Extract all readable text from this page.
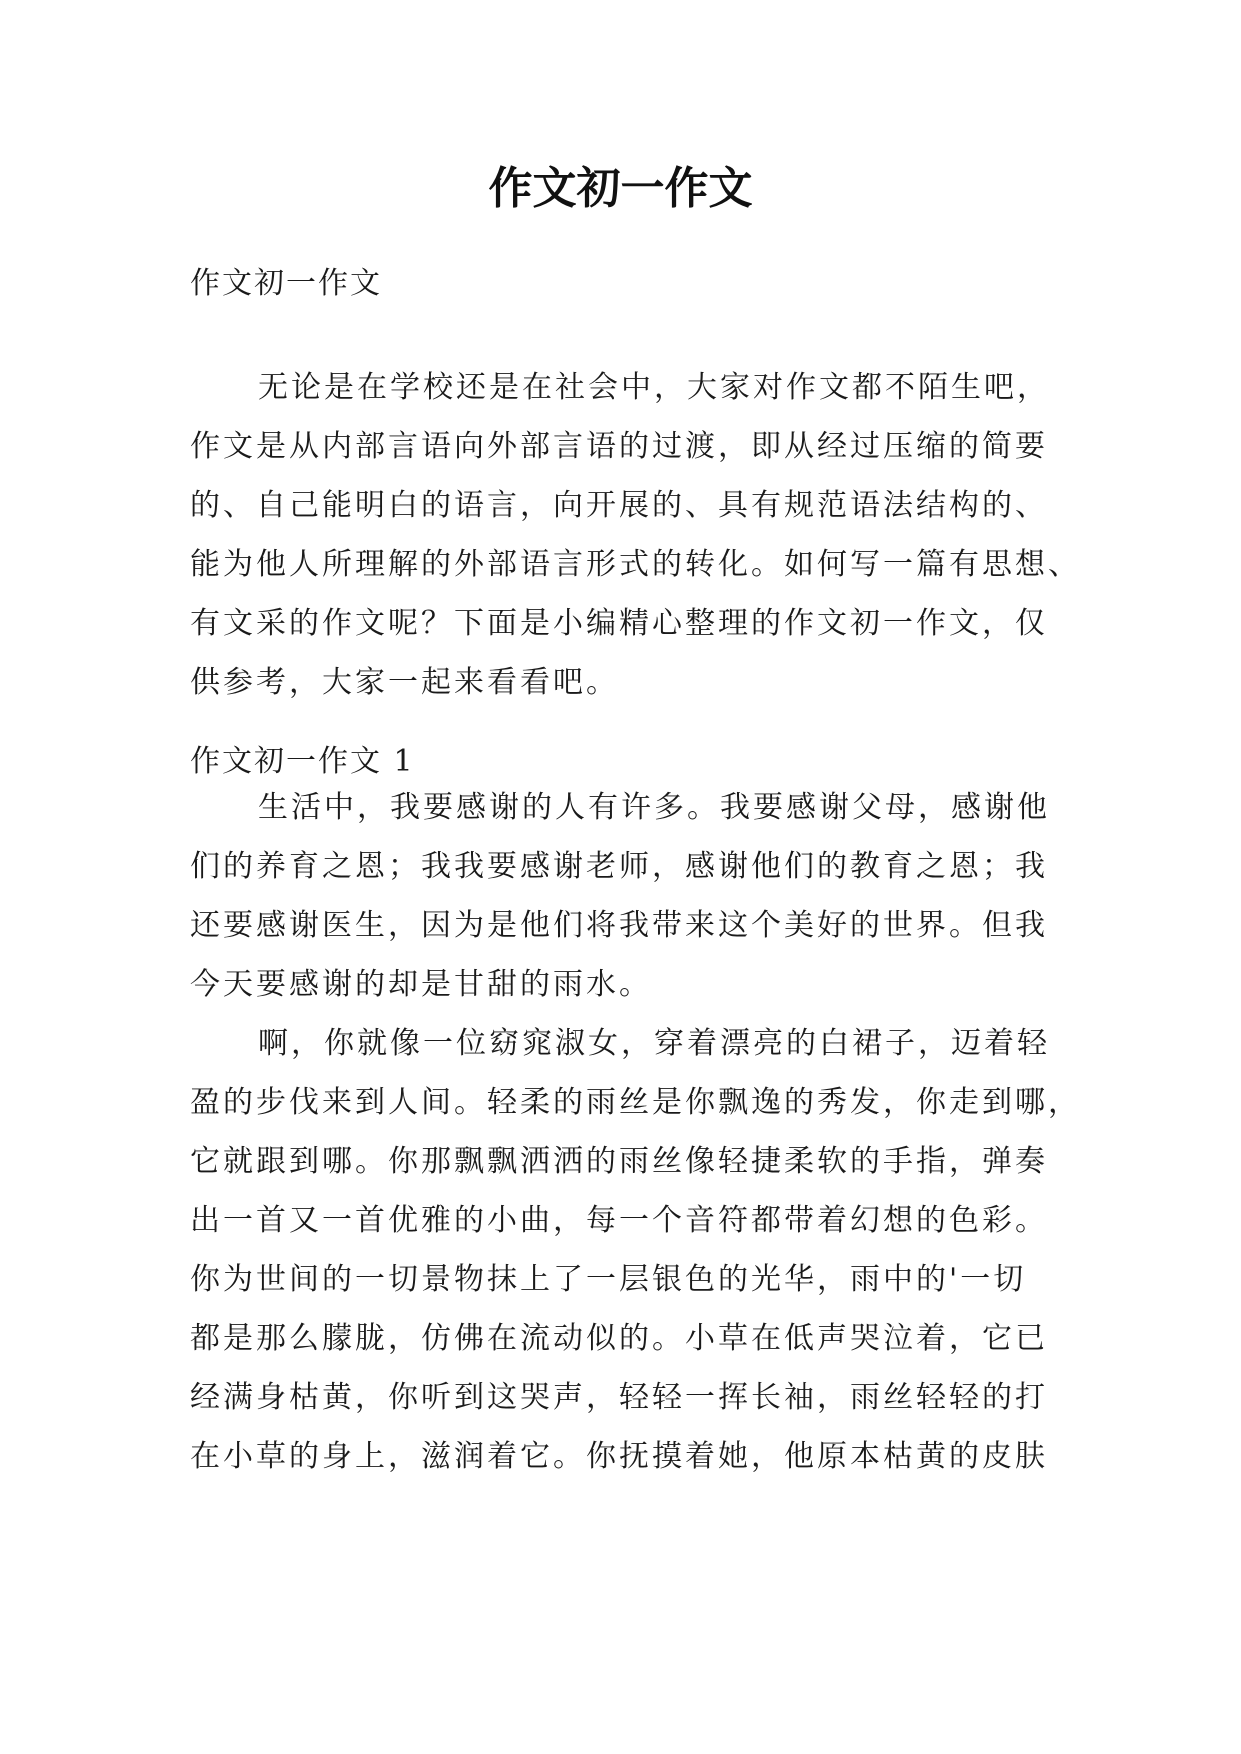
作文初一作文
作文初一作文
无论是在学校还是在社会中，大家对作文都不陌生吧，
作文是从内部言语向外部言语的过渡，即从经过压缩的简要
的、自己能明白的语言，向开展的、具有规范语法结构的、
能为他人所理解的外部语言形式的转化。如何写一篇有思想、
有文采的作文呢？下面是小编精心整理的作文初一作文，仅
供参考，大家一起来看看吧。
作文初一作文 1
生活中，我要感谢的人有许多。我要感谢父母，感谢他
们的养育之恩；我我要感谢老师，感谢他们的教育之恩；我
还要感谢医生，因为是他们将我带来这个美好的世界。但我
今天要感谢的却是甘甜的雨水。
啊，你就像一位窈窕淑女，穿着漂亮的白裙子，迈着轻
盈的步伐来到人间。轻柔的雨丝是你飘逸的秀发，你走到哪，
它就跟到哪。你那飘飘洒洒的雨丝像轻捷柔软的手指，弹奏
出一首又一首优雅的小曲，每一个音符都带着幻想的色彩。
你为世间的一切景物抹上了一层银色的光华，雨中的'一切
都是那么朦胧，仿佛在流动似的。小草在低声哭泣着，它已
经满身枯黄，你听到这哭声，轻轻一挥长袖，雨丝轻轻的打
在小草的身上，滋润着它。你抚摸着她，他原本枯黄的皮肤
